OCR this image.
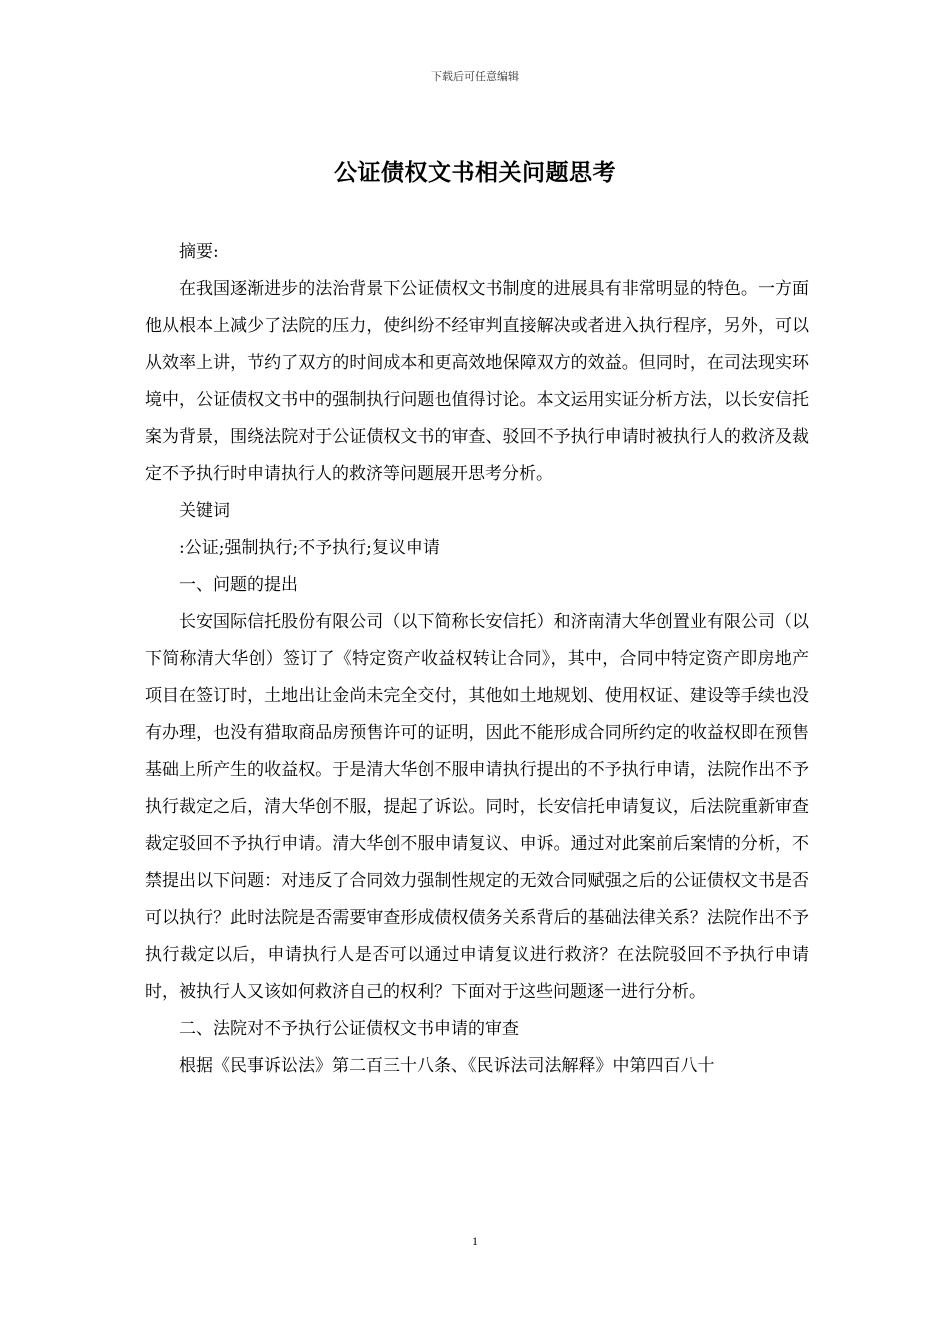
下载后可任意编辑
公证债权文书相关问题思考

摘要:

在我国逐渐进步的法治背景下公证债权文书制度的进展具有非常明显的特色。一方面他从根本上减少了法院的压力，使纠纷不经审判直接解决或者进入执行程序，另外，可以从效率上讲，节约了双方的时间成本和更高效地保障双方的效益。但同时，在司法现实环境中，公证债权文书中的强制执行问题也值得讨论。本文运用实证分析方法，以长安信托案为背景，围绕法院对于公证债权文书的审查、驳回不予执行申请时被执行人的救济及裁定不予执行时申请执行人的救济等问题展开思考分析。

关键词

:公证;强制执行;不予执行;复议申请

一、问题的提出

长安国际信托股份有限公司（以下简称长安信托）和济南清大华创置业有限公司（以下简称清大华创）签订了《特定资产收益权转让合同》，其中，合同中特定资产即房地产项目在签订时，土地出让金尚未完全交付，其他如土地规划、使用权证、建设等手续也没有办理，也没有猎取商品房预售许可的证明，因此不能形成合同所约定的收益权即在预售基础上所产生的收益权。于是清大华创不服申请执行提出的不予执行申请，法院作出不予执行裁定之后，清大华创不服，提起了诉讼。同时，长安信托申请复议，后法院重新审查裁定驳回不予执行申请。清大华创不服申请复议、申诉。通过对此案前后案情的分析，不禁提出以下问题：对违反了合同效力强制性规定的无效合同赋强之后的公证债权文书是否可以执行？此时法院是否需要审查形成债权债务关系背后的基础法律关系？法院作出不予执行裁定以后，申请执行人是否可以通过申请复议进行救济？在法院驳回不予执行申请时，被执行人又该如何救济自己的权利？下面对于这些问题逐一进行分析。

二、法院对不予执行公证债权文书申请的审查

根据《民事诉讼法》第二百三十八条、《民诉法司法解释》中第四百八十

1
